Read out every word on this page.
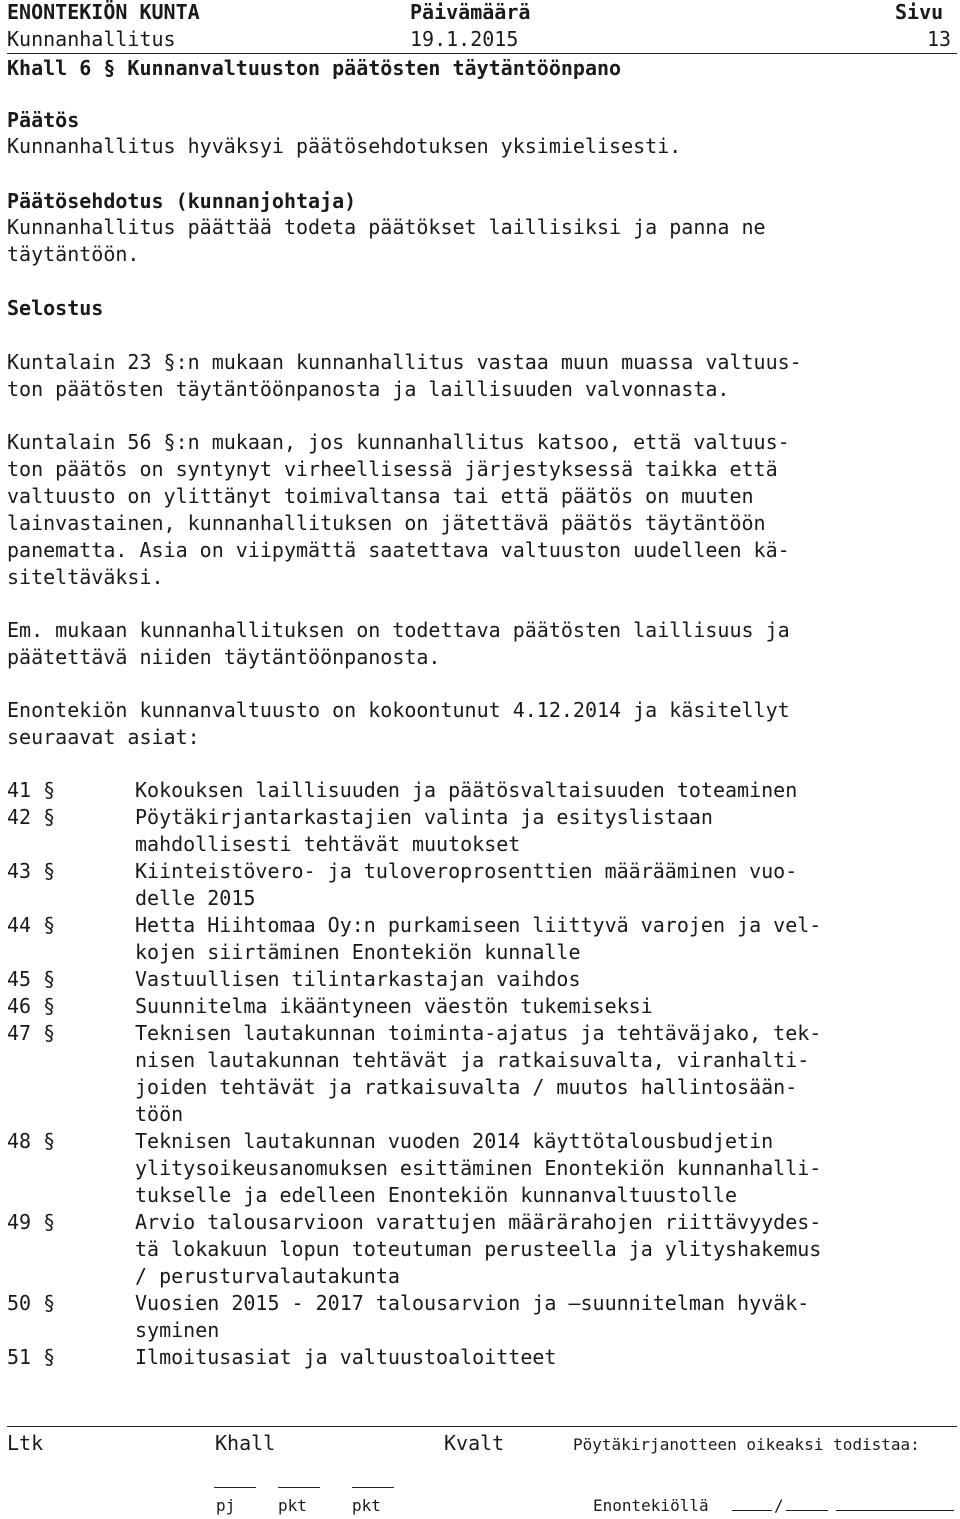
ENONTEKIÖN KUNTA	Päivämäärä	Sivu
Kunnanhallitus	19.1.2015	13
Khall 6 § Kunnanvaltuuston päätösten täytäntöönpano
Päätös
Kunnanhallitus hyväksyi päätösehdotuksen yksimielisesti.
Päätösehdotus (kunnanjohtaja)
Kunnanhallitus päättää todeta päätökset laillisiksi ja panna ne
täytäntöön.
Selostus
Kuntalain 23 §:n mukaan kunnanhallitus vastaa muun muassa valtuus-
ton päätösten täytäntöönpanosta ja laillisuuden valvonnasta.
Kuntalain 56 §:n mukaan, jos kunnanhallitus katsoo, että valtuus-
ton päätös on syntynyt virheellisessä järjestyksessä taikka että
valtuusto on ylittänyt toimivaltansa tai että päätös on muuten
lainvastainen, kunnanhallituksen on jätettävä päätös täytäntöön
panematta. Asia on viipymättä saatettava valtuuston uudelleen kä-
siteltäväksi.
Em. mukaan kunnanhallituksen on todettava päätösten laillisuus ja
päätettävä niiden täytäntöönpanosta.
Enontekiön kunnanvaltuusto on kokoontunut 4.12.2014 ja käsitellyt
seuraavat asiat:
41 §	Kokouksen laillisuuden ja päätösvaltaisuuden toteaminen
42 §	Pöytäkirjantarkastajien valinta ja esityslistaan
mahdollisesti tehtävät muutokset
43 §	Kiinteistövero- ja tuloveroprosenttien määrääminen vuo-
delle 2015
44 §	Hetta Hiihtomaa Oy:n purkamiseen liittyvä varojen ja vel-
kojen siirtäminen Enontekiön kunnalle
45 §	Vastuullisen tilintarkastajan vaihdos
46 §	Suunnitelma ikääntyneen väestön tukemiseksi
47 §	Teknisen lautakunnan toiminta-ajatus ja tehtäväjako, tek-
nisen lautakunnan tehtävät ja ratkaisuvalta, viranhalti-
joiden tehtävät ja ratkaisuvalta / muutos hallintosään-
töön
48 §	Teknisen lautakunnan vuoden 2014 käyttötalousbudjetin
ylitysoikeusanomuksen esittäminen Enontekiön kunnanhalli-
tukselle ja edelleen Enontekiön kunnanvaltuustolle
49 §	Arvio talousarvioon varattujen määrärahojen riittävyydes-
tä lokakuun lopun toteutuman perusteella ja ylityshakemus
/ perusturvalautakunta
50 §	Vuosien 2015 - 2017 talousarvion ja –suunnitelman hyväk-
syminen
51 §	Ilmoitusasiat ja valtuustoaloitteet
Ltk	Khall	Kvalt	Pöytäkirjanotteen oikeaksi todistaa:
pj	pkt	pkt	Enontekiöllä	/
